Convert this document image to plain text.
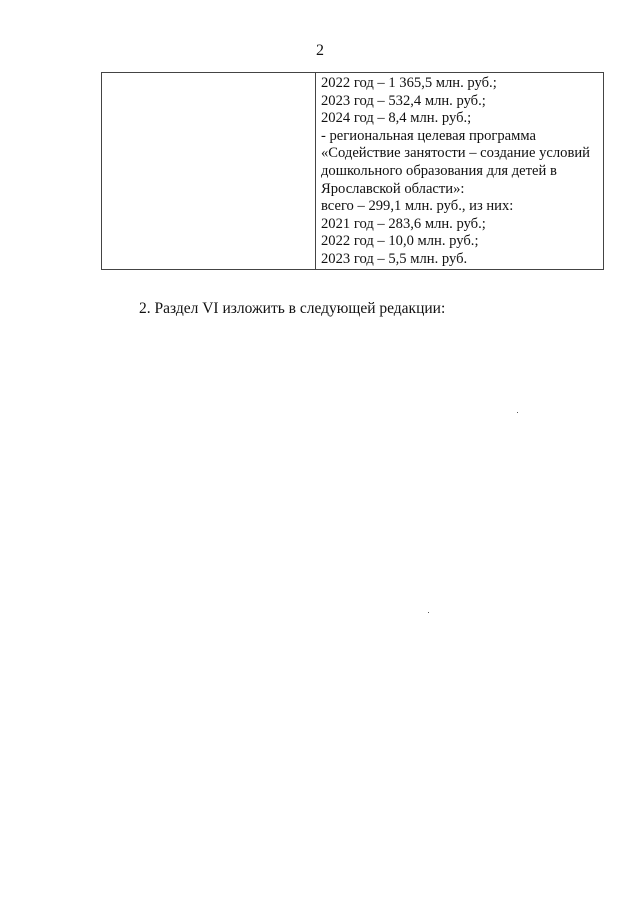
2

2022 год – 1 365,5 млн. руб.;
2023 год – 532,4 млн. руб.;
2024 год – 8,4 млн. руб.;
- региональная целевая программа
«Содействие занятости – создание условий
дошкольного образования для детей в
Ярославской области»:
всего – 299,1 млн. руб., из них:
2021 год – 283,6 млн. руб.;
2022 год – 10,0 млн. руб.;
2023 год – 5,5 млн. руб.
2. Раздел VI изложить в следующей редакции:
